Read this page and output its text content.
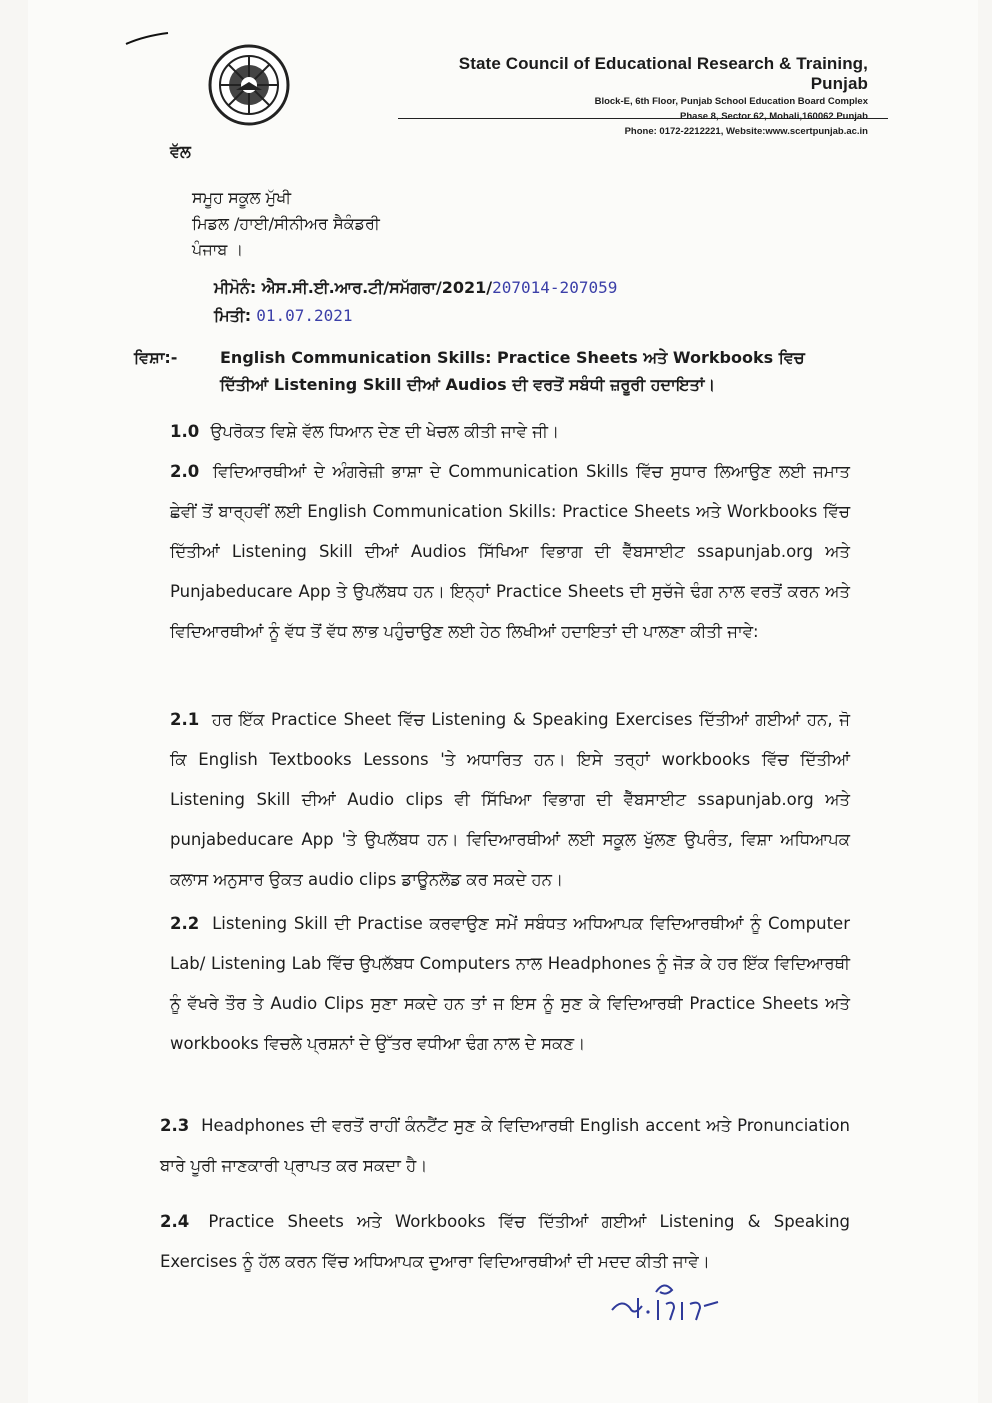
State Council of Educational Research & Training, Punjab
Block-E, 6th Floor, Punjab School Education Board Complex
Phase 8, Sector 62, Mohali,160062 Punjab
Phone: 0172-2212221, Website:www.scertpunjab.ac.in
ਵੱਲ
ਸਮੂਹ ਸਕੂਲ ਮੁੱਖੀ
ਮਿਡਲ /ਹਾਈ/ਸੀਨੀਅਰ ਸੈਕੰਡਰੀ
ਪੰਜਾਬ ।
ਮੀਮੋਨੰ: ਐਸ.ਸੀ.ਈ.ਆਰ.ਟੀ/ਸਮੱਗਰਾ/2021/207014-207059
ਮਿਤੀ: 01.07.2021
ਵਿਸ਼ਾ:-	English Communication Skills: Practice Sheets ਅਤੇ Workbooks ਵਿਚ
ਦਿੱਤੀਆਂ Listening Skill ਦੀਆਂ Audios ਦੀ ਵਰਤੋਂ ਸਬੰਧੀ ਜ਼ਰੂਰੀ ਹਦਾਇਤਾਂ।
1.0 ਉਪਰੋਕਤ ਵਿਸ਼ੇ ਵੱਲ ਧਿਆਨ ਦੇਣ ਦੀ ਖੇਚਲ ਕੀਤੀ ਜਾਵੇ ਜੀ।
2.0 ਵਿਦਿਆਰਥੀਆਂ ਦੇ ਅੰਗਰੇਜ਼ੀ ਭਾਸ਼ਾ ਦੇ Communication Skills ਵਿੱਚ ਸੁਧਾਰ ਲਿਆਉਣ ਲਈ ਜਮਾਤ ਛੇਵੀਂ ਤੋਂ ਬਾਰ੍ਹਵੀਂ ਲਈ English Communication Skills: Practice Sheets ਅਤੇ Workbooks ਵਿੱਚ ਦਿੱਤੀਆਂ Listening Skill ਦੀਆਂ Audios ਸਿੱਖਿਆ ਵਿਭਾਗ ਦੀ ਵੈੱਬਸਾਈਟ ssapunjab.org ਅਤੇ Punjabeducare App ਤੇ ਉਪਲੱਬਧ ਹਨ। ਇਨ੍ਹਾਂ Practice Sheets ਦੀ ਸੁਚੱਜੇ ਢੰਗ ਨਾਲ ਵਰਤੋਂ ਕਰਨ ਅਤੇ ਵਿਦਿਆਰਥੀਆਂ ਨੂੰ ਵੱਧ ਤੋਂ ਵੱਧ ਲਾਭ ਪਹੁੰਚਾਉਣ ਲਈ ਹੇਠ ਲਿਖੀਆਂ ਹਦਾਇਤਾਂ ਦੀ ਪਾਲਣਾ ਕੀਤੀ ਜਾਵੇ:
2.1 ਹਰ ਇੱਕ Practice Sheet ਵਿੱਚ Listening & Speaking Exercises ਦਿੱਤੀਆਂ ਗਈਆਂ ਹਨ, ਜੋ ਕਿ English Textbooks Lessons 'ਤੇ ਅਧਾਰਿਤ ਹਨ। ਇਸੇ ਤਰ੍ਹਾਂ workbooks ਵਿੱਚ ਦਿੱਤੀਆਂ Listening Skill ਦੀਆਂ Audio clips ਵੀ ਸਿੱਖਿਆ ਵਿਭਾਗ ਦੀ ਵੈੱਬਸਾਈਟ ssapunjab.org ਅਤੇ punjabeducare App 'ਤੇ ਉਪਲੱਬਧ ਹਨ। ਵਿਦਿਆਰਥੀਆਂ ਲਈ ਸਕੂਲ ਖੁੱਲਣ ਉਪਰੰਤ, ਵਿਸ਼ਾ ਅਧਿਆਪਕ ਕਲਾਸ ਅਨੁਸਾਰ ਉਕਤ audio clips ਡਾਊਨਲੋਡ ਕਰ ਸਕਦੇ ਹਨ।
2.2 Listening Skill ਦੀ Practise ਕਰਵਾਉਣ ਸਮੇਂ ਸਬੰਧਤ ਅਧਿਆਪਕ ਵਿਦਿਆਰਥੀਆਂ ਨੂੰ Computer Lab/ Listening Lab ਵਿੱਚ ਉਪਲੱਬਧ Computers ਨਾਲ Headphones ਨੂੰ ਜੋੜ ਕੇ ਹਰ ਇੱਕ ਵਿਦਿਆਰਥੀ ਨੂੰ ਵੱਖਰੇ ਤੌਰ ਤੇ Audio Clips ਸੁਣਾ ਸਕਦੇ ਹਨ ਤਾਂ ਜ ਇਸ ਨੂੰ ਸੁਣ ਕੇ ਵਿਦਿਆਰਥੀ Practice Sheets ਅਤੇ workbooks ਵਿਚਲੇ ਪ੍ਰਸ਼ਨਾਂ ਦੇ ਉੱਤਰ ਵਧੀਆ ਢੰਗ ਨਾਲ ਦੇ ਸਕਣ।
2.3 Headphones ਦੀ ਵਰਤੋਂ ਰਾਹੀਂ ਕੰਨਟੈਂਟ ਸੁਣ ਕੇ ਵਿਦਿਆਰਥੀ English accent ਅਤੇ Pronunciation ਬਾਰੇ ਪੂਰੀ ਜਾਣਕਾਰੀ ਪ੍ਰਾਪਤ ਕਰ ਸਕਦਾ ਹੈ।
2.4 Practice Sheets ਅਤੇ Workbooks ਵਿੱਚ ਦਿੱਤੀਆਂ ਗਈਆਂ Listening & Speaking Exercises ਨੂੰ ਹੱਲ ਕਰਨ ਵਿੱਚ ਅਧਿਆਪਕ ਦੁਆਰਾ ਵਿਦਿਆਰਥੀਆਂ ਦੀ ਮਦਦ ਕੀਤੀ ਜਾਵੇ।
